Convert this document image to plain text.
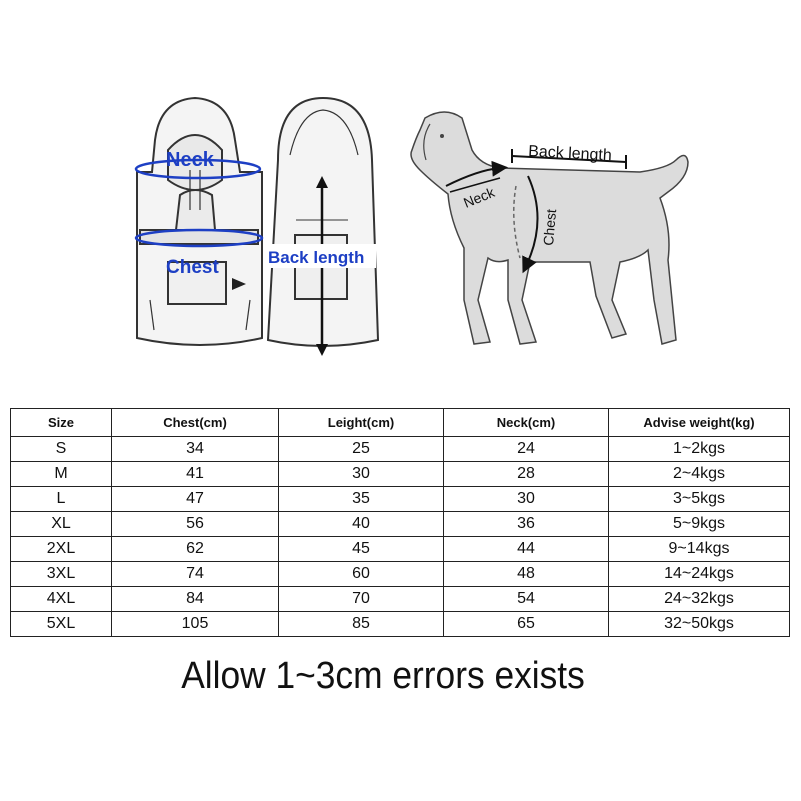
Neck
Chest	Back length
Back length
Neck
Chest
Size	Chest(cm)	Leight(cm)	Neck(cm)	Advise weight(kg)
S	34	25	24	1~2kgs
M	41	30	28	2~4kgs
L	47	35	30	3~5kgs
XL	56	40	36	5~9kgs
2XL	62	45	44	9~14kgs
3XL	74	60	48	14~24kgs
4XL	84	70	54	24~32kgs
5XL	105	85	65	32~50kgs
Allow 1~3cm errors exists
